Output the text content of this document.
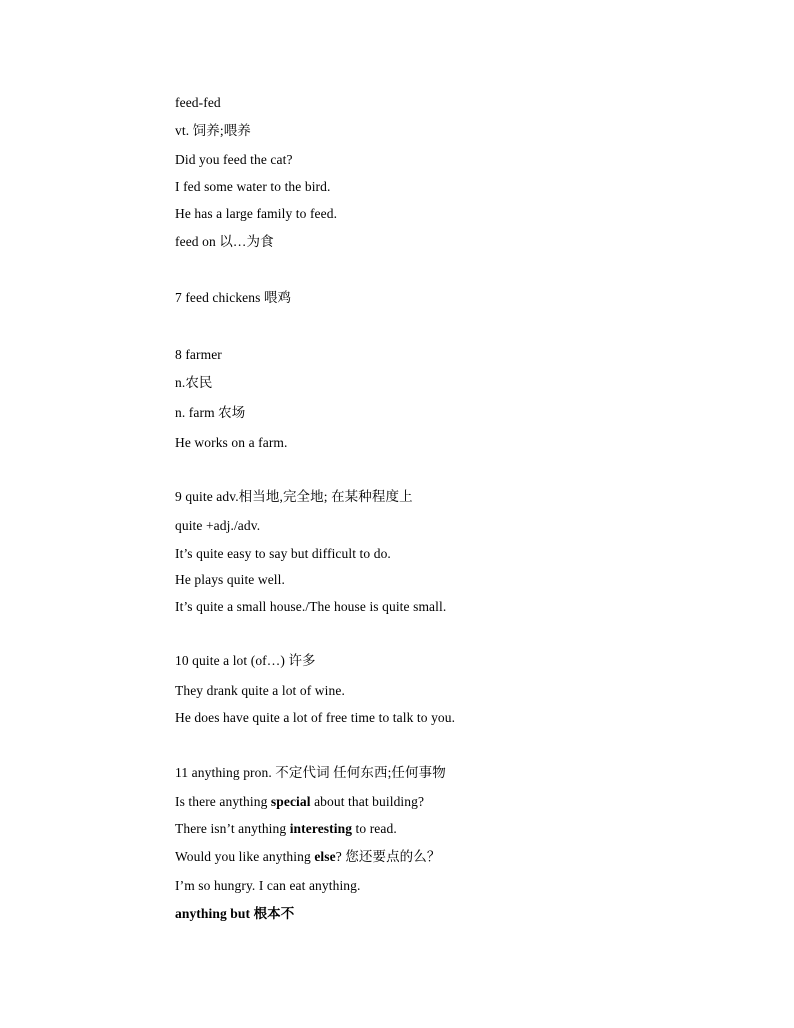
feed-fed
vt. 饲养;喂养
Did you feed the cat?
I fed some water to the bird.
He has a large family to feed.
feed on 以…为食
7 feed chickens 喂鸡
8 farmer
n.农民
n. farm 农场
He works on a farm.
9 quite adv.相当地,完全地; 在某种程度上
quite +adj./adv.
It’s quite easy to say but difficult to do.
He plays quite well.
It’s quite a small house./The house is quite small.
10 quite a lot (of…) 许多
They drank quite a lot of wine.
He does have quite a lot of free time to talk to you.
11 anything pron. 不定代词 任何东西;任何事物
Is there anything special about that building?
There isn’t anything interesting to read.
Would you like anything else? 您还要点的么？
I’m so hungry. I can eat anything.
anything but 根本不
